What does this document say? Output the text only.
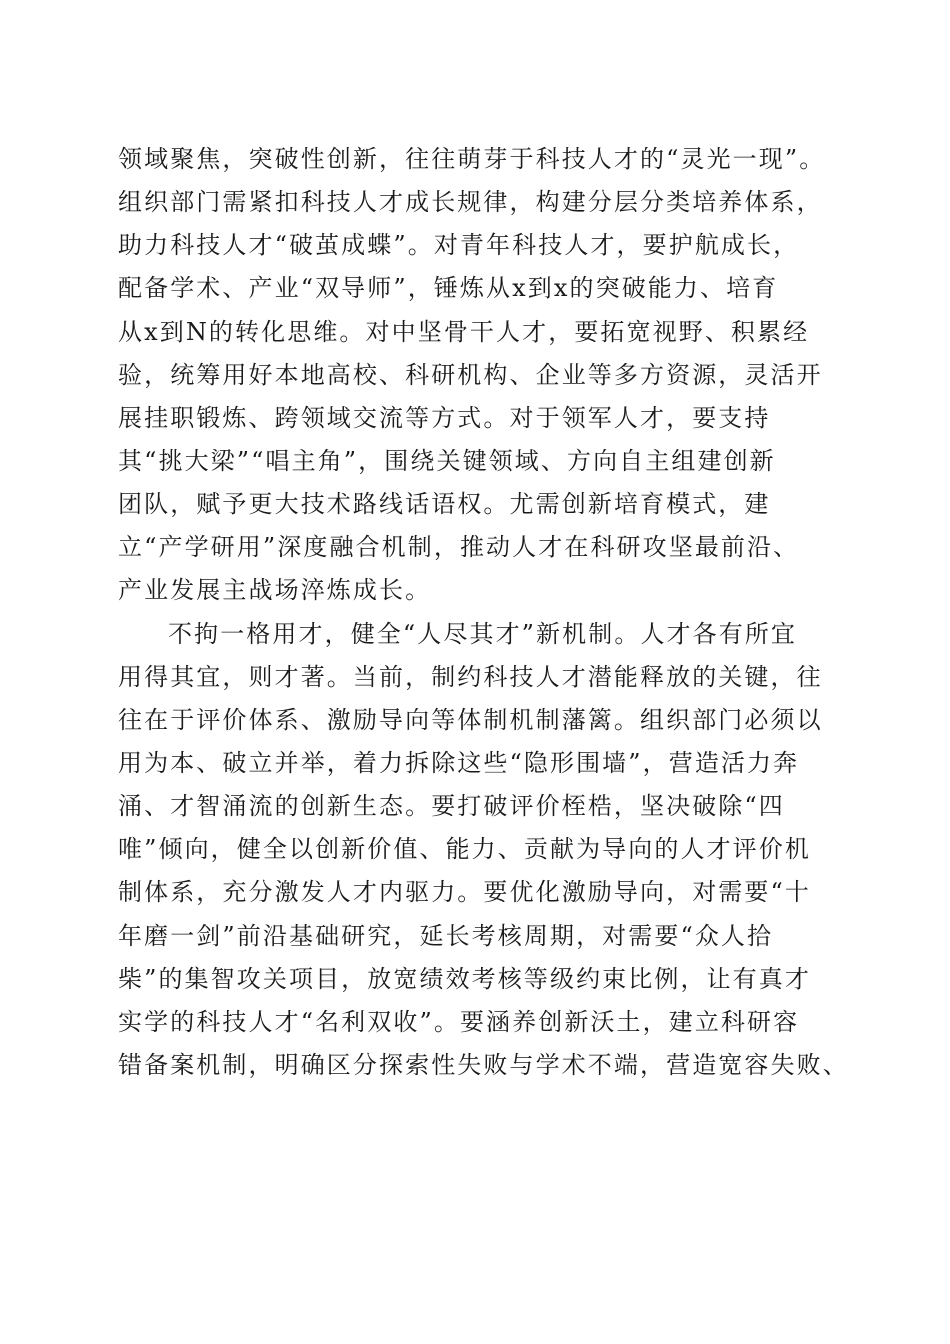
领域聚焦，突破性创新，往往萌芽于科技人才的“灵光一现”。
组织部门需紧扣科技人才成长规律，构建分层分类培养体系，
助力科技人才“破茧成蝶”。对青年科技人才，要护航成长，
配备学术、产业“双导师”，锤炼从x到x的突破能力、培育
从x到N的转化思维。对中坚骨干人才，要拓宽视野、积累经
验，统筹用好本地高校、科研机构、企业等多方资源，灵活开
展挂职锻炼、跨领域交流等方式。对于领军人才，要支持
其“挑大梁”“唱主角”，围绕关键领域、方向自主组建创新
团队，赋予更大技术路线话语权。尤需创新培育模式，建
立“产学研用”深度融合机制，推动人才在科研攻坚最前沿、
产业发展主战场淬炼成长。
不拘一格用才，健全“人尽其才”新机制。人才各有所宜
用得其宜，则才著。当前，制约科技人才潜能释放的关键，往
往在于评价体系、激励导向等体制机制藩篱。组织部门必须以
用为本、破立并举，着力拆除这些“隐形围墙”，营造活力奔
涌、才智涌流的创新生态。要打破评价桎梏，坚决破除“四
唯”倾向，健全以创新价值、能力、贡献为导向的人才评价机
制体系，充分激发人才内驱力。要优化激励导向，对需要“十
年磨一剑”前沿基础研究，延长考核周期，对需要“众人拾
柴”的集智攻关项目，放宽绩效考核等级约束比例，让有真才
实学的科技人才“名利双收”。要涵养创新沃土，建立科研容
错备案机制，明确区分探索性失败与学术不端，营造宽容失败、
